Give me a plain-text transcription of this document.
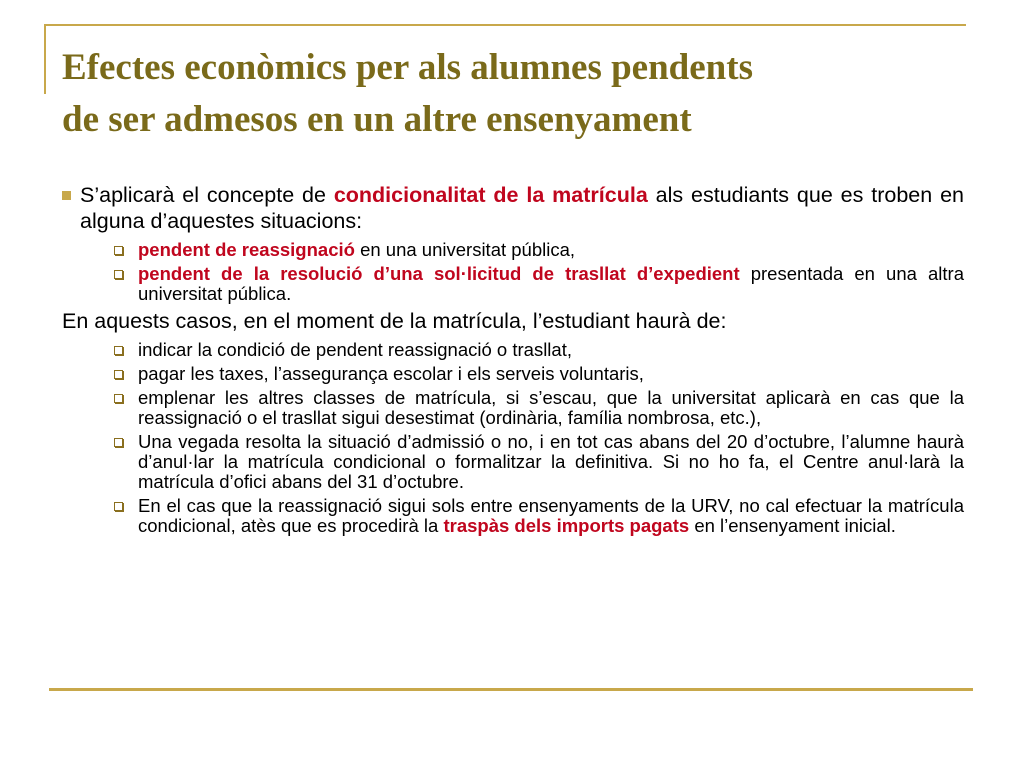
Efectes econòmics per als alumnes pendents
de ser admesos en un altre ensenyament
S’aplicarà el concepte de condicionalitat de la matrícula als estudiants que es troben en alguna d’aquestes situacions:
pendent de reassignació en una universitat pública,
pendent de la resolució d’una sol·licitud de trasllat d’expedient presentada en una altra universitat pública.
En aquests casos, en el moment de la matrícula, l’estudiant haurà de:
indicar la condició de pendent reassignació o trasllat,
pagar les taxes, l’assegurança escolar i els serveis voluntaris,
emplenar les altres classes de matrícula, si s’escau, que la universitat aplicarà en cas que la reassignació o el trasllat sigui desestimat (ordinària, família nombrosa, etc.),
Una vegada resolta la situació d’admissió o no, i en tot cas abans del 20 d’octubre, l’alumne haurà d’anul·lar la matrícula condicional o formalitzar la definitiva. Si no ho fa, el Centre anul·larà la matrícula d’ofici abans del 31 d’octubre.
En el cas que la reassignació sigui sols entre ensenyaments de la URV, no cal efectuar la matrícula condicional, atès que es procedirà la traspàs dels imports pagats en l’ensenyament inicial.
